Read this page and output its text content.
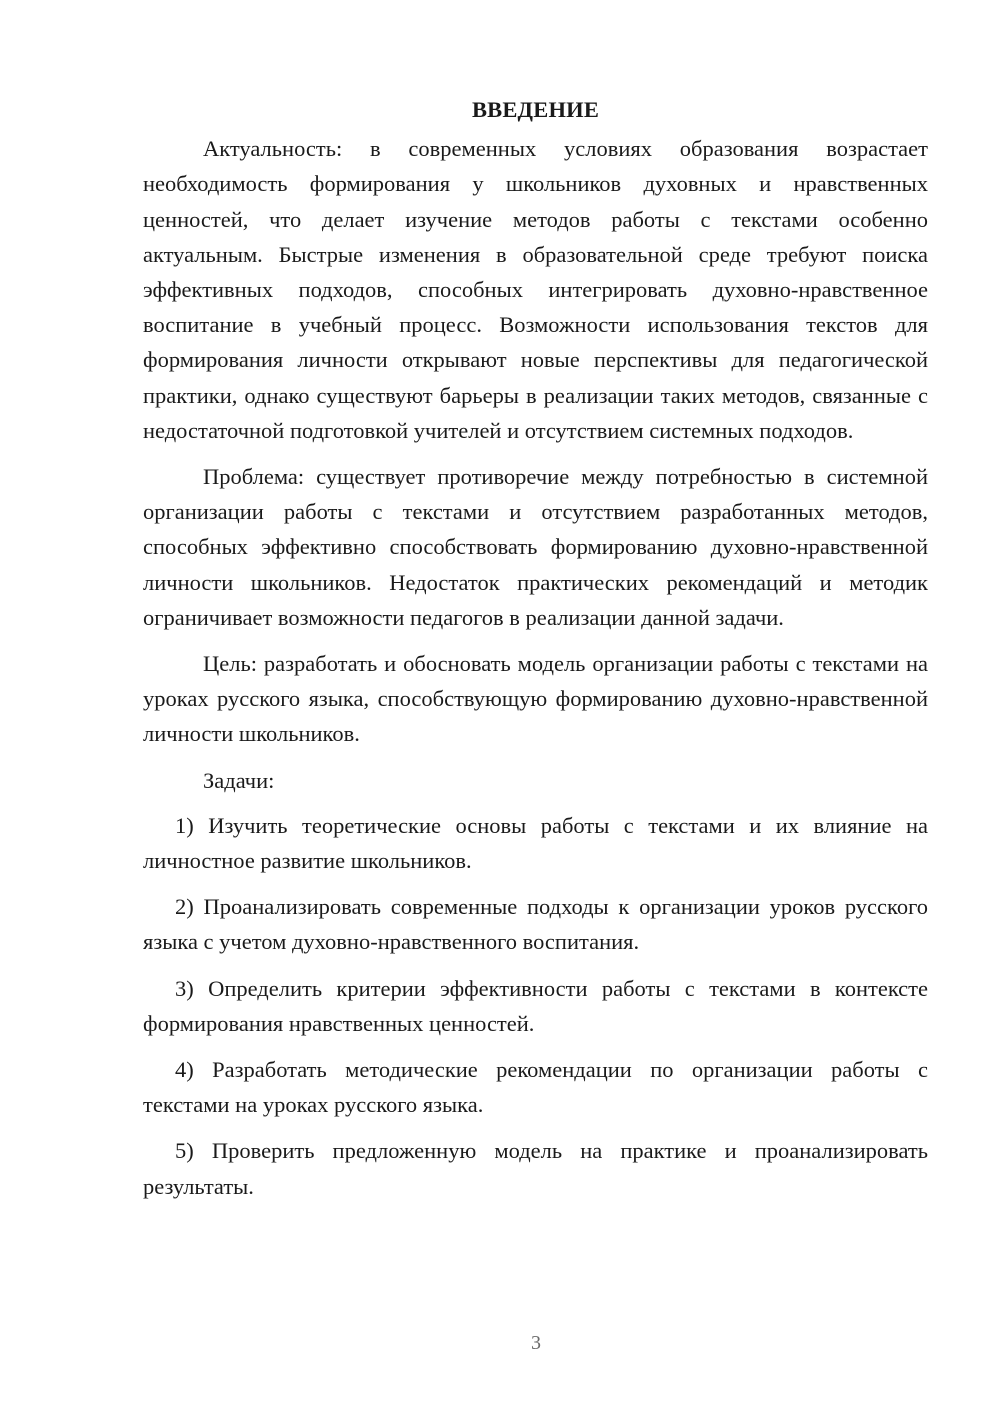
ВВЕДЕНИЕ

Актуальность: в современных условиях образования возрастает необходимость формирования у школьников духовных и нравственных ценностей, что делает изучение методов работы с текстами особенно актуальным. Быстрые изменения в образовательной среде требуют поиска эффективных подходов, способных интегрировать духовно-нравственное воспитание в учебный процесс. Возможности использования текстов для формирования личности открывают новые перспективы для педагогической практики, однако существуют барьеры в реализации таких методов, связанные с недостаточной подготовкой учителей и отсутствием системных подходов.

Проблема: существует противоречие между потребностью в системной организации работы с текстами и отсутствием разработанных методов, способных эффективно способствовать формированию духовно-нравственной личности школьников. Недостаток практических рекомендаций и методик ограничивает возможности педагогов в реализации данной задачи.

Цель: разработать и обосновать модель организации работы с текстами на уроках русского языка, способствующую формированию духовно-нравственной личности школьников.

Задачи:

1) Изучить теоретические основы работы с текстами и их влияние на личностное развитие школьников.

2) Проанализировать современные подходы к организации уроков русского языка с учетом духовно-нравственного воспитания.

3) Определить критерии эффективности работы с текстами в контексте формирования нравственных ценностей.

4) Разработать методические рекомендации по организации работы с текстами на уроках русского языка.

5) Проверить предложенную модель на практике и проанализировать результаты.

3
